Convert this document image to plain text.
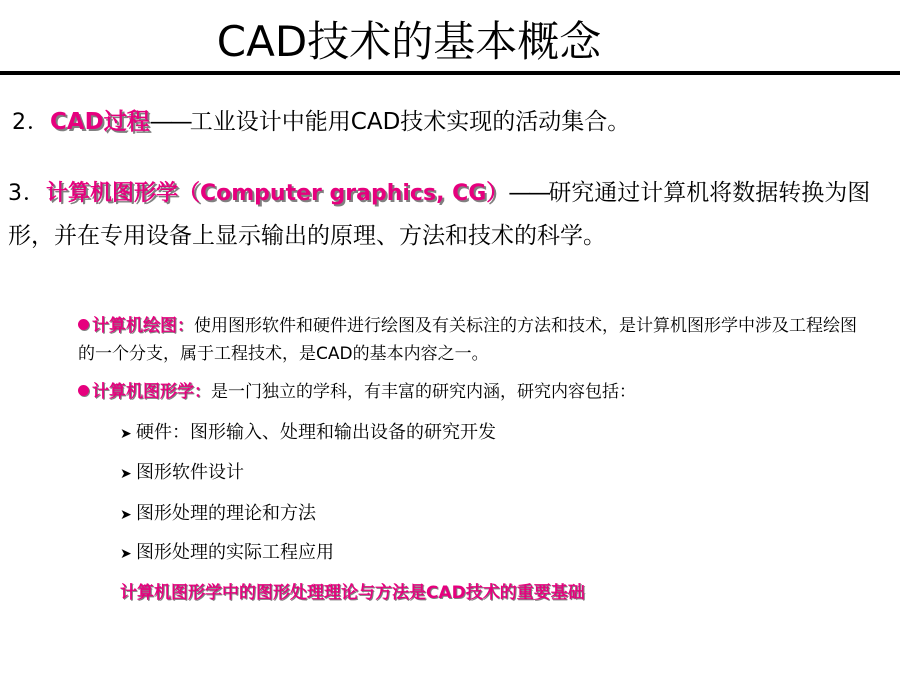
CAD技术的基本概念
2．CAD过程——工业设计中能用CAD技术实现的活动集合。
3．计算机图形学（Computer graphics, CG）——研究通过计算机将数据转换为图形，并在专用设备上显示输出的原理、方法和技术的科学。
计算机绘图：使用图形软件和硬件进行绘图及有关标注的方法和技术，是计算机图形学中涉及工程绘图的一个分支，属于工程技术，是CAD的基本内容之一。
计算机图形学：是一门独立的学科，有丰富的研究内涵，研究内容包括：
➤ 硬件：图形输入、处理和输出设备的研究开发
➤ 图形软件设计
➤ 图形处理的理论和方法
➤ 图形处理的实际工程应用
计算机图形学中的图形处理理论与方法是CAD技术的重要基础
